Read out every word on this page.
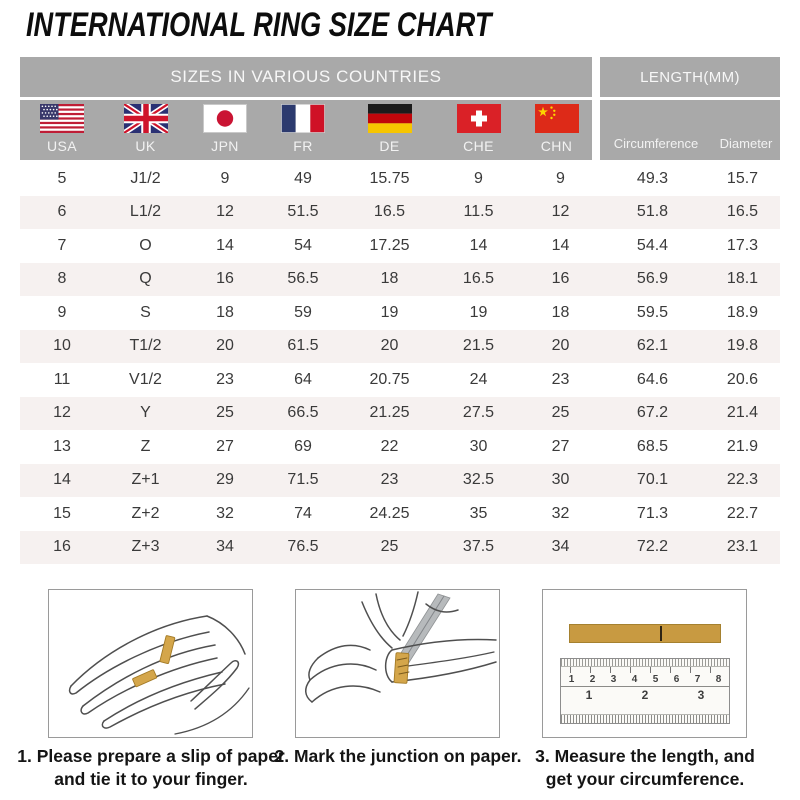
INTERNATIONAL RING SIZE CHART
SIZES IN VARIOUS COUNTRIES	LENGTH(MM)
USA	UK	JPN	FR	DE	CHE	CHN	Circumference	Diameter
5	J1/2	9	49	15.75	9	9	49.3	15.7
6	L1/2	12	51.5	16.5	11.5	12	51.8	16.5
7	O	14	54	17.25	14	14	54.4	17.3
8	Q	16	56.5	18	16.5	16	56.9	18.1
9	S	18	59	19	19	18	59.5	18.9
10	T1/2	20	61.5	20	21.5	20	62.1	19.8
11	V1/2	23	64	20.75	24	23	64.6	20.6
12	Y	25	66.5	21.25	27.5	25	67.2	21.4
13	Z	27	69	22	30	27	68.5	21.9
14	Z+1	29	71.5	23	32.5	30	70.1	22.3
15	Z+2	32	74	24.25	35	32	71.3	22.7
16	Z+3	34	76.5	25	37.5	34	72.2	23.1
1 2 3 4 5 6 7 8
1	2	3
1. Please prepare a slip of paper
and tie it to your finger.
2. Mark the junction on paper. 3. Measure the length, and
get your circumference.
